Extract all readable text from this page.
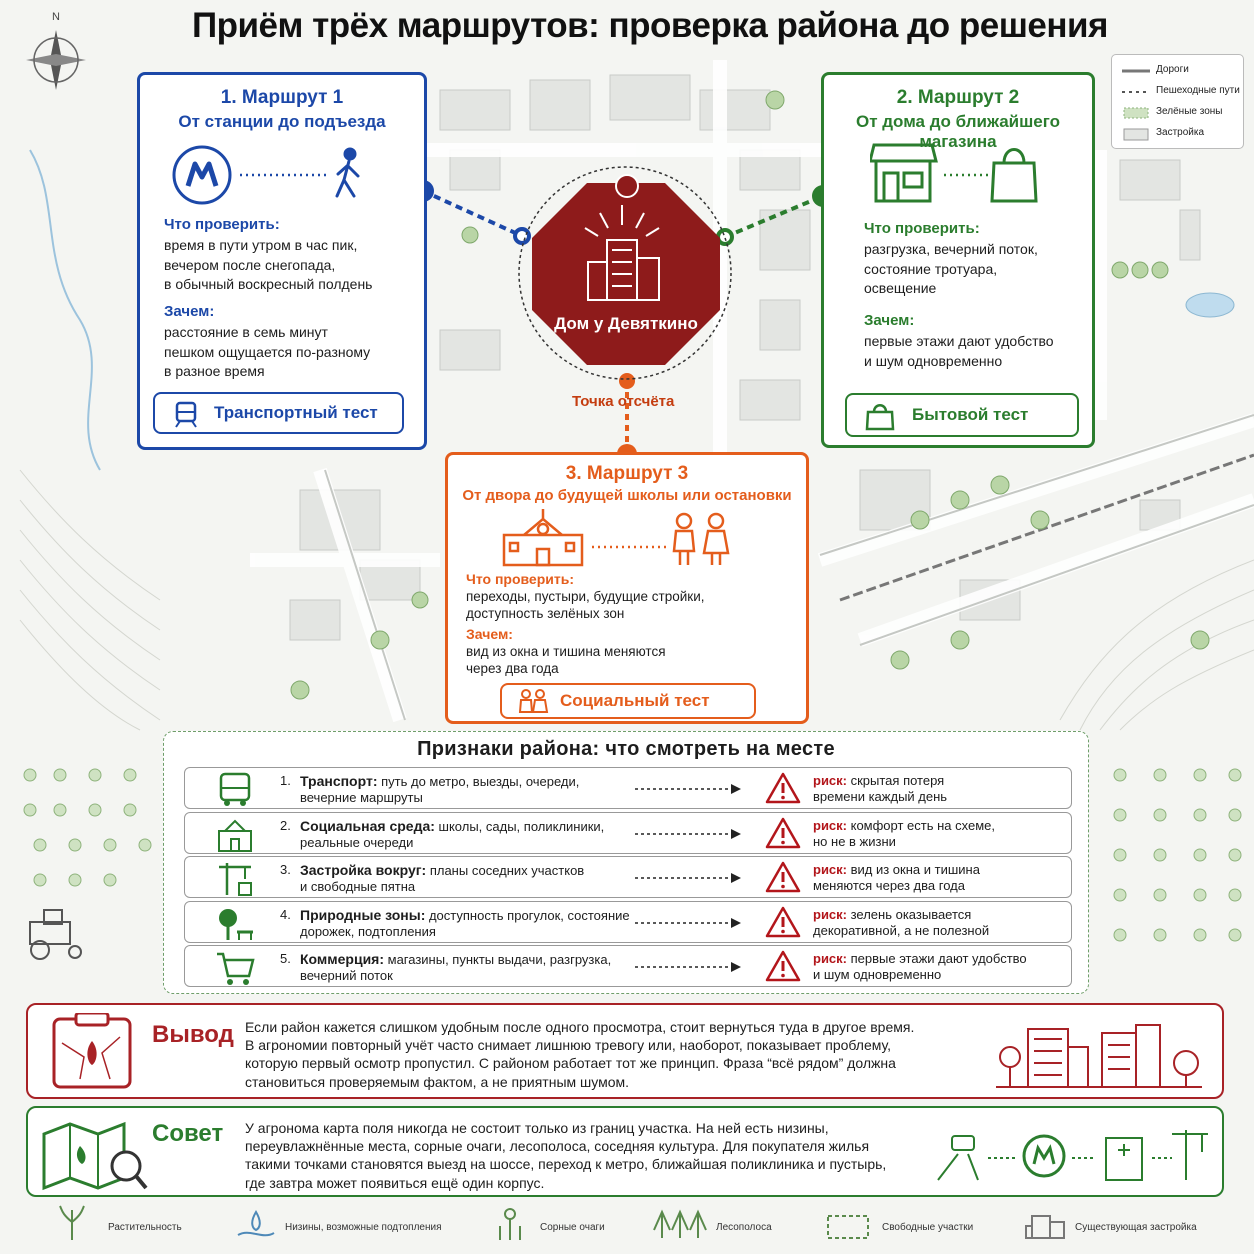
Приём трёх маршрутов: проверка района до решения
Дороги
Пешеходные пути
Зелёные зоны
Застройка
N
Дом у Девяткино
Точка отсчёта
1. Маршрут 1
От станции до подъезда
Что проверить:
время в пути утром в час пик,
вечером после снегопада,
в обычный воскресный полдень
Зачем:
расстояние в семь минут
пешком ощущается по-разному
в разное время
Транспортный тест
2. Маршрут 2
От дома до ближайшего магазина
Что проверить:
разгрузка, вечерний поток,
состояние тротуара,
освещение
Зачем:
первые этажи дают удобство
и шум одновременно
Бытовой тест
3. Маршрут 3
От двора до будущей школы или остановки
Что проверить:
переходы, пустыри, будущие стройки,
доступность зелёных зон
Зачем:
вид из окна и тишина меняются
через два года
Социальный тест
Признаки района: что смотреть на месте
1. Транспорт: путь до метро, выезды, очереди,
вечерние маршруты
риск: скрытая потеря
времени каждый день
2. Социальная среда: школы, сады, поликлиники,
реальные очереди
риск: комфорт есть на схеме,
но не в жизни
3. Застройка вокруг: планы соседних участков
и свободные пятна
риск: вид из окна и тишина
меняются через два года
4. Природные зоны: доступность прогулок, состояние
дорожек, подтопления
риск: зелень оказывается
декоративной, а не полезной
5. Коммерция: магазины, пункты выдачи, разгрузка,
вечерний поток
риск: первые этажи дают удобство
и шум одновременно
Вывод Если район кажется слишком удобным после одного просмотра, стоит вернуться туда в другое время.
В агрономии повторный учёт часто снимает лишнюю тревогу или, наоборот, показывает проблему,
которую первый осмотр пропустил. С районом работает тот же принцип. Фраза “всё рядом” должна
становиться проверяемым фактом, а не приятным шумом.
Совет У агронома карта поля никогда не состоит только из границ участка. На ней есть низины,
переувлажнённые места, сорные очаги, лесополоса, соседняя культура. Для покупателя жилья
такими точками становятся выезд на шоссе, переход к метро, ближайшая поликлиника и пустырь,
где завтра может появиться ещё один корпус.
Растительность	Низины, возможные подтопления	Сорные очаги	Лесополоса	Свободные участки	Существующая застройка
